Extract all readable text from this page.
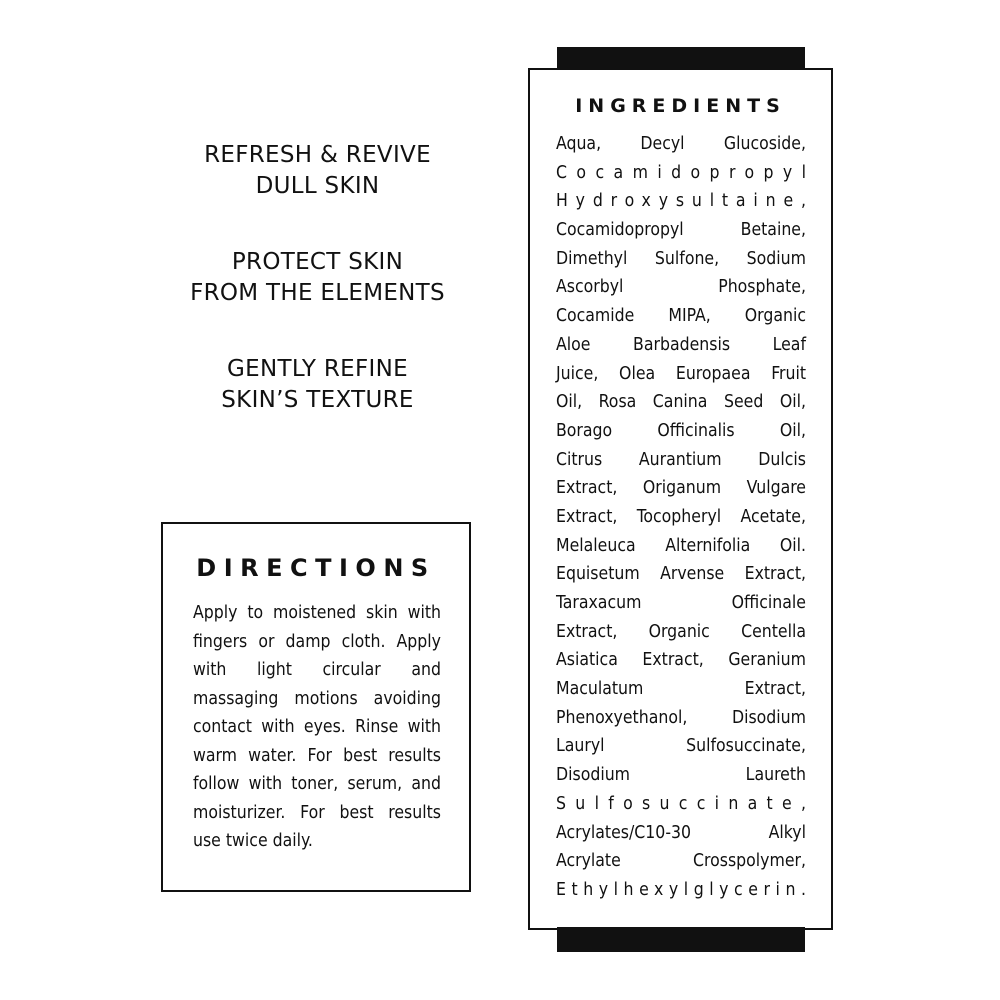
REFRESH & REVIVE
DULL SKIN
PROTECT SKIN
FROM THE ELEMENTS
GENTLY REFINE
SKIN’S TEXTURE
DIRECTIONS
Apply to moistened skin with fingers or damp cloth. Apply with light circular and massaging motions avoiding contact with eyes. Rinse with warm water. For best results follow with toner, serum, and moisturizer. For best results use twice daily.
INGREDIENTS
Aqua, Decyl Glucoside,
Cocamidopropyl
Hydroxysultaine,
Cocamidopropyl Betaine,
Dimethyl Sulfone, Sodium
Ascorbyl Phosphate,
Cocamide MIPA, Organic
Aloe Barbadensis Leaf
Juice, Olea Europaea Fruit
Oil, Rosa Canina Seed Oil,
Borago Officinalis Oil,
Citrus Aurantium Dulcis
Extract, Origanum Vulgare
Extract, Tocopheryl Acetate,
Melaleuca Alternifolia Oil.
Equisetum Arvense Extract,
Taraxacum Officinale
Extract, Organic Centella
Asiatica Extract, Geranium
Maculatum Extract,
Phenoxyethanol, Disodium
Lauryl Sulfosuccinate,
Disodium Laureth
Sulfosuccinate,
Acrylates/C10-30 Alkyl
Acrylate Crosspolymer,
Ethylhexylglycerin.
